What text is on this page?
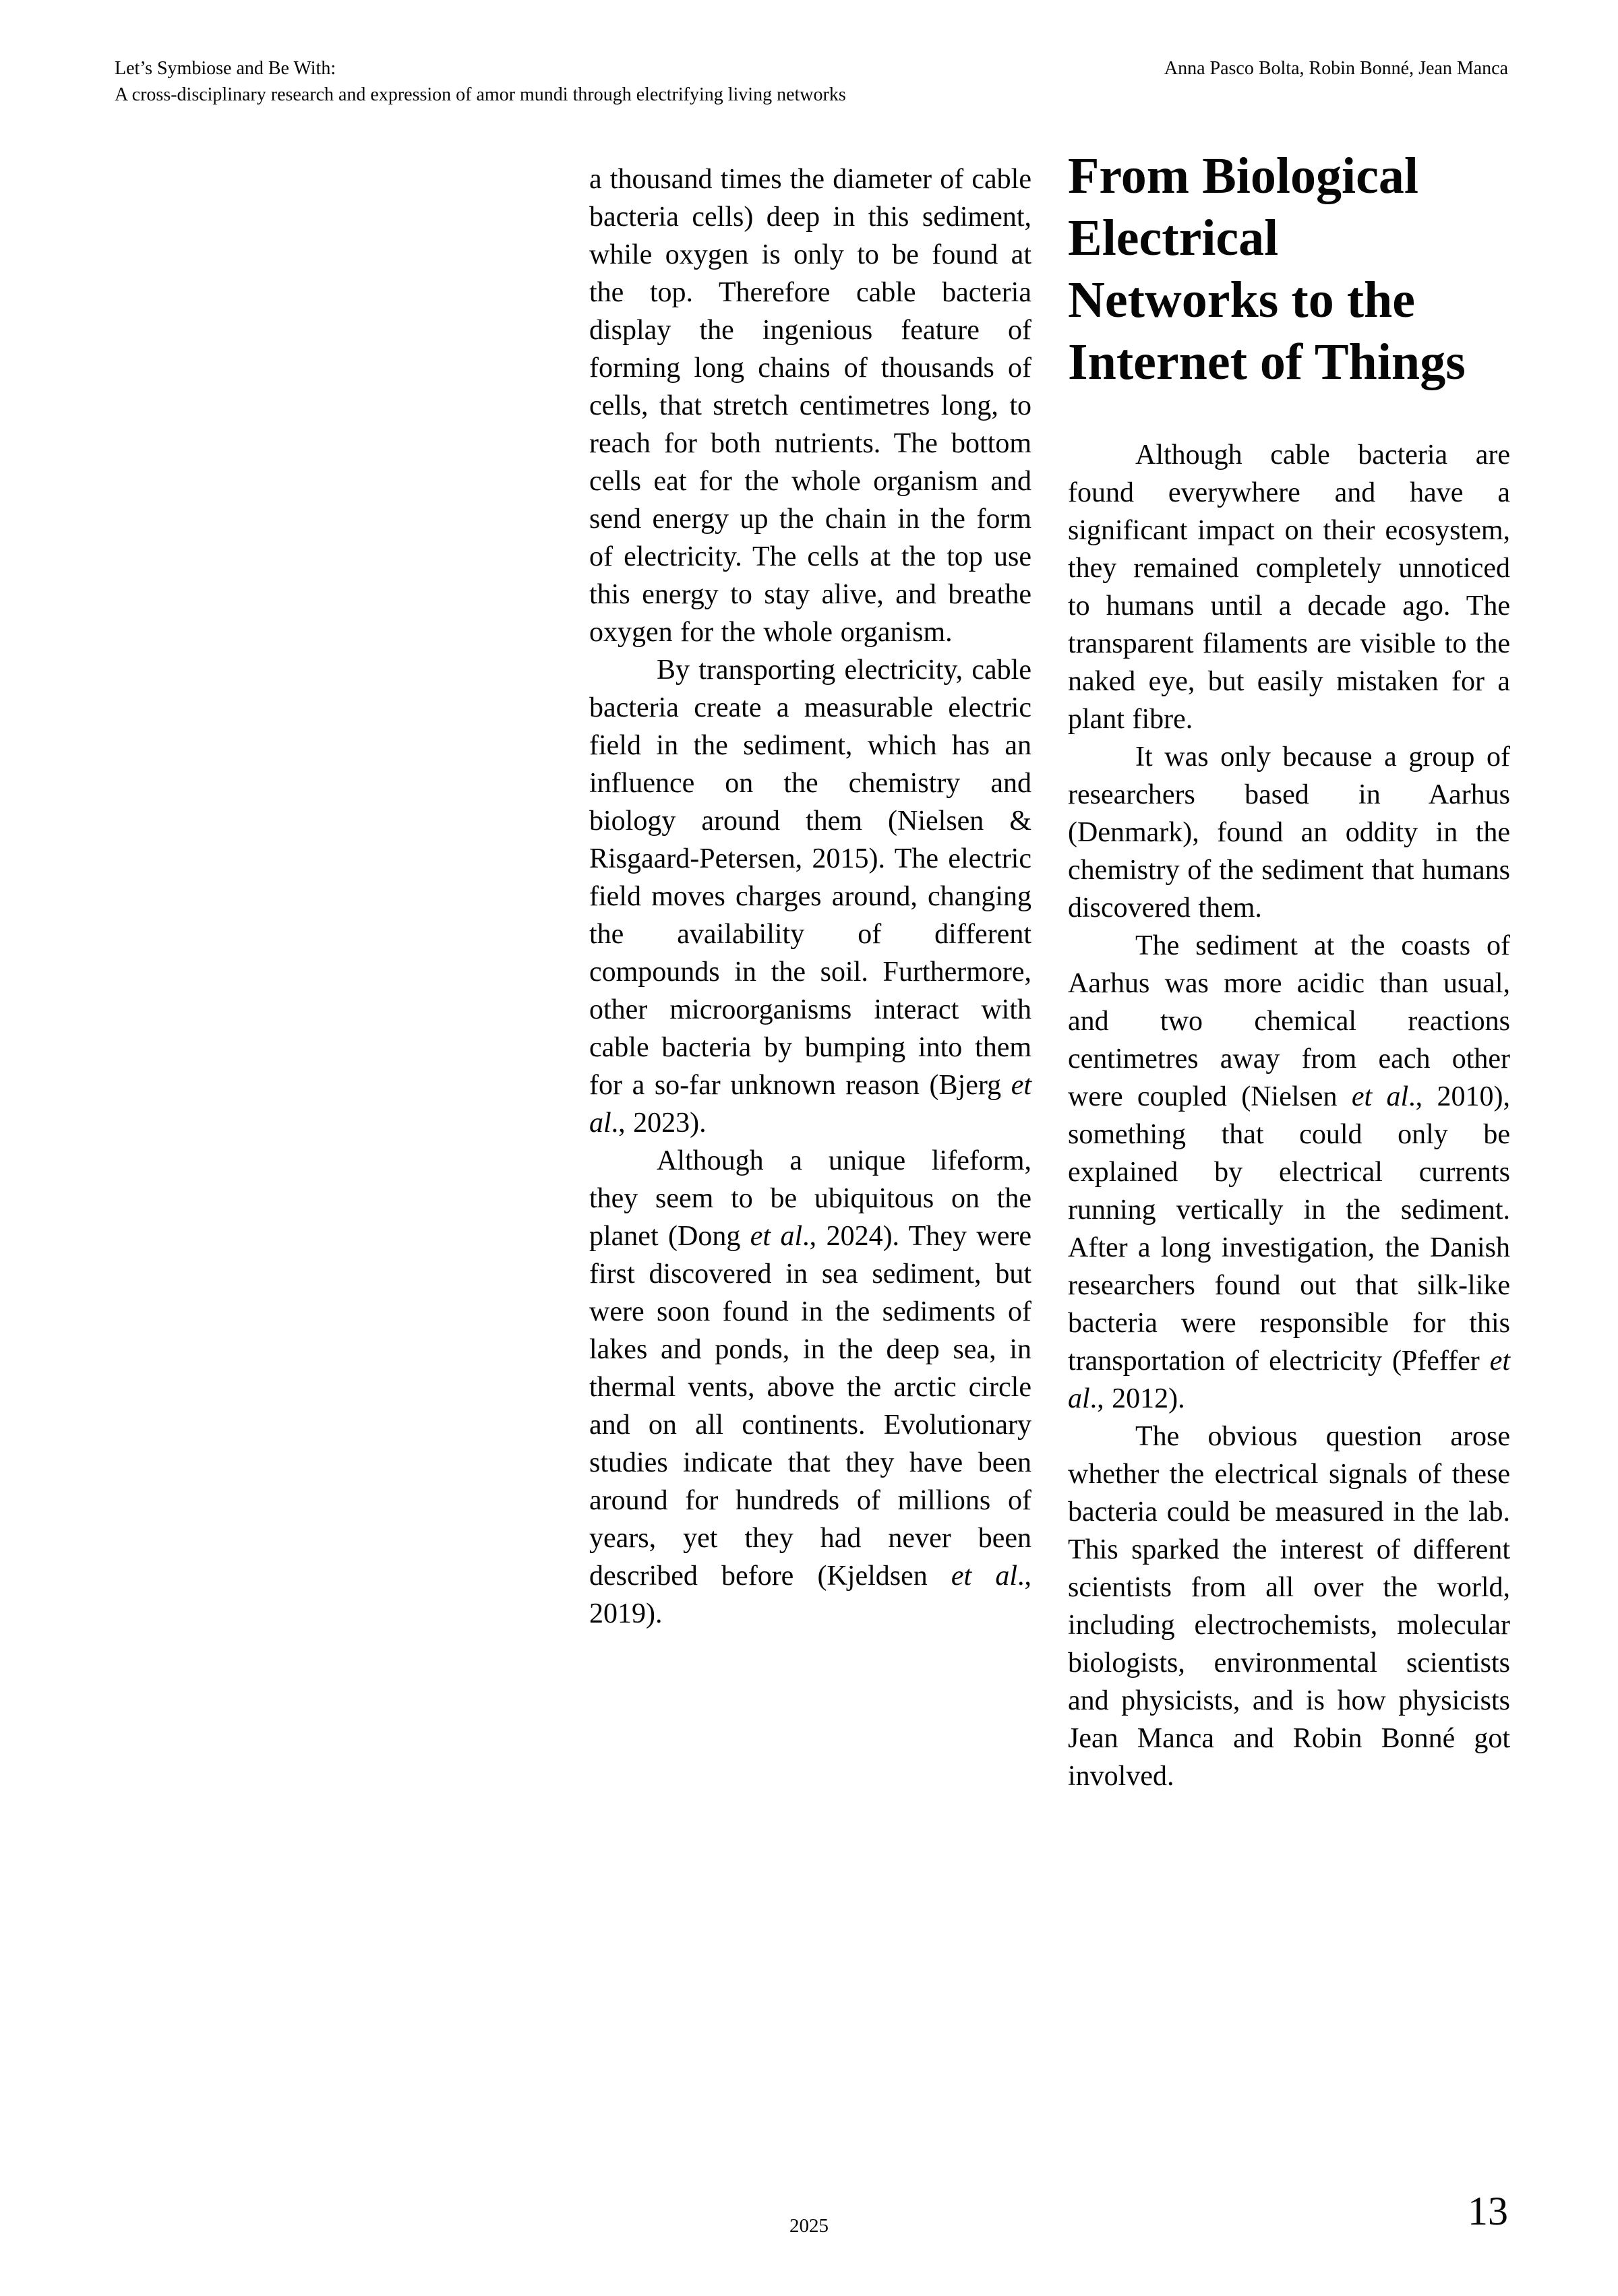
Let’s Symbiose and Be With:
A cross-disciplinary research and expression of amor mundi through electrifying living networks
Anna Pasco Bolta, Robin Bonné, Jean Manca

a thousand times the diameter of cable bacteria cells) deep in this sediment, while oxygen is only to be found at the top. Therefore cable bacteria display the ingenious feature of forming long chains of thousands of cells, that stretch centimetres long, to reach for both nutrients. The bottom cells eat for the whole organism and send energy up the chain in the form of electricity. The cells at the top use this energy to stay alive, and breathe oxygen for the whole organism.

By transporting electricity, cable bacteria create a measurable electric field in the sediment, which has an influence on the chemistry and biology around them (Nielsen & Risgaard-Petersen, 2015). The electric field moves charges around, changing the availability of different compounds in the soil. Furthermore, other microorganisms interact with cable bacteria by bumping into them for a so-far unknown reason (Bjerg et al., 2023).

Although a unique lifeform, they seem to be ubiquitous on the planet (Dong et al., 2024). They were first discovered in sea sediment, but were soon found in the sediments of lakes and ponds, in the deep sea, in thermal vents, above the arctic circle and on all continents. Evolutionary studies indicate that they have been around for hundreds of millions of years, yet they had never been described before (Kjeldsen et al., 2019).

From Biological
Electrical
Networks to the
Internet of Things

Although cable bacteria are found everywhere and have a significant impact on their ecosystem, they remained completely unnoticed to humans until a decade ago. The transparent filaments are visible to the naked eye, but easily mistaken for a plant fibre.

It was only because a group of researchers based in Aarhus (Denmark), found an oddity in the chemistry of the sediment that humans discovered them.

The sediment at the coasts of Aarhus was more acidic than usual, and two chemical reactions centimetres away from each other were coupled (Nielsen et al., 2010), something that could only be explained by electrical currents running vertically in the sediment. After a long investigation, the Danish researchers found out that silk-like bacteria were responsible for this transportation of electricity (Pfeffer et al., 2012).

The obvious question arose whether the electrical signals of these bacteria could be measured in the lab. This sparked the interest of different scientists from all over the world, including electrochemists, molecular biologists, environmental scientists and physicists, and is how physicists Jean Manca and Robin Bonné got involved.

2025	13
